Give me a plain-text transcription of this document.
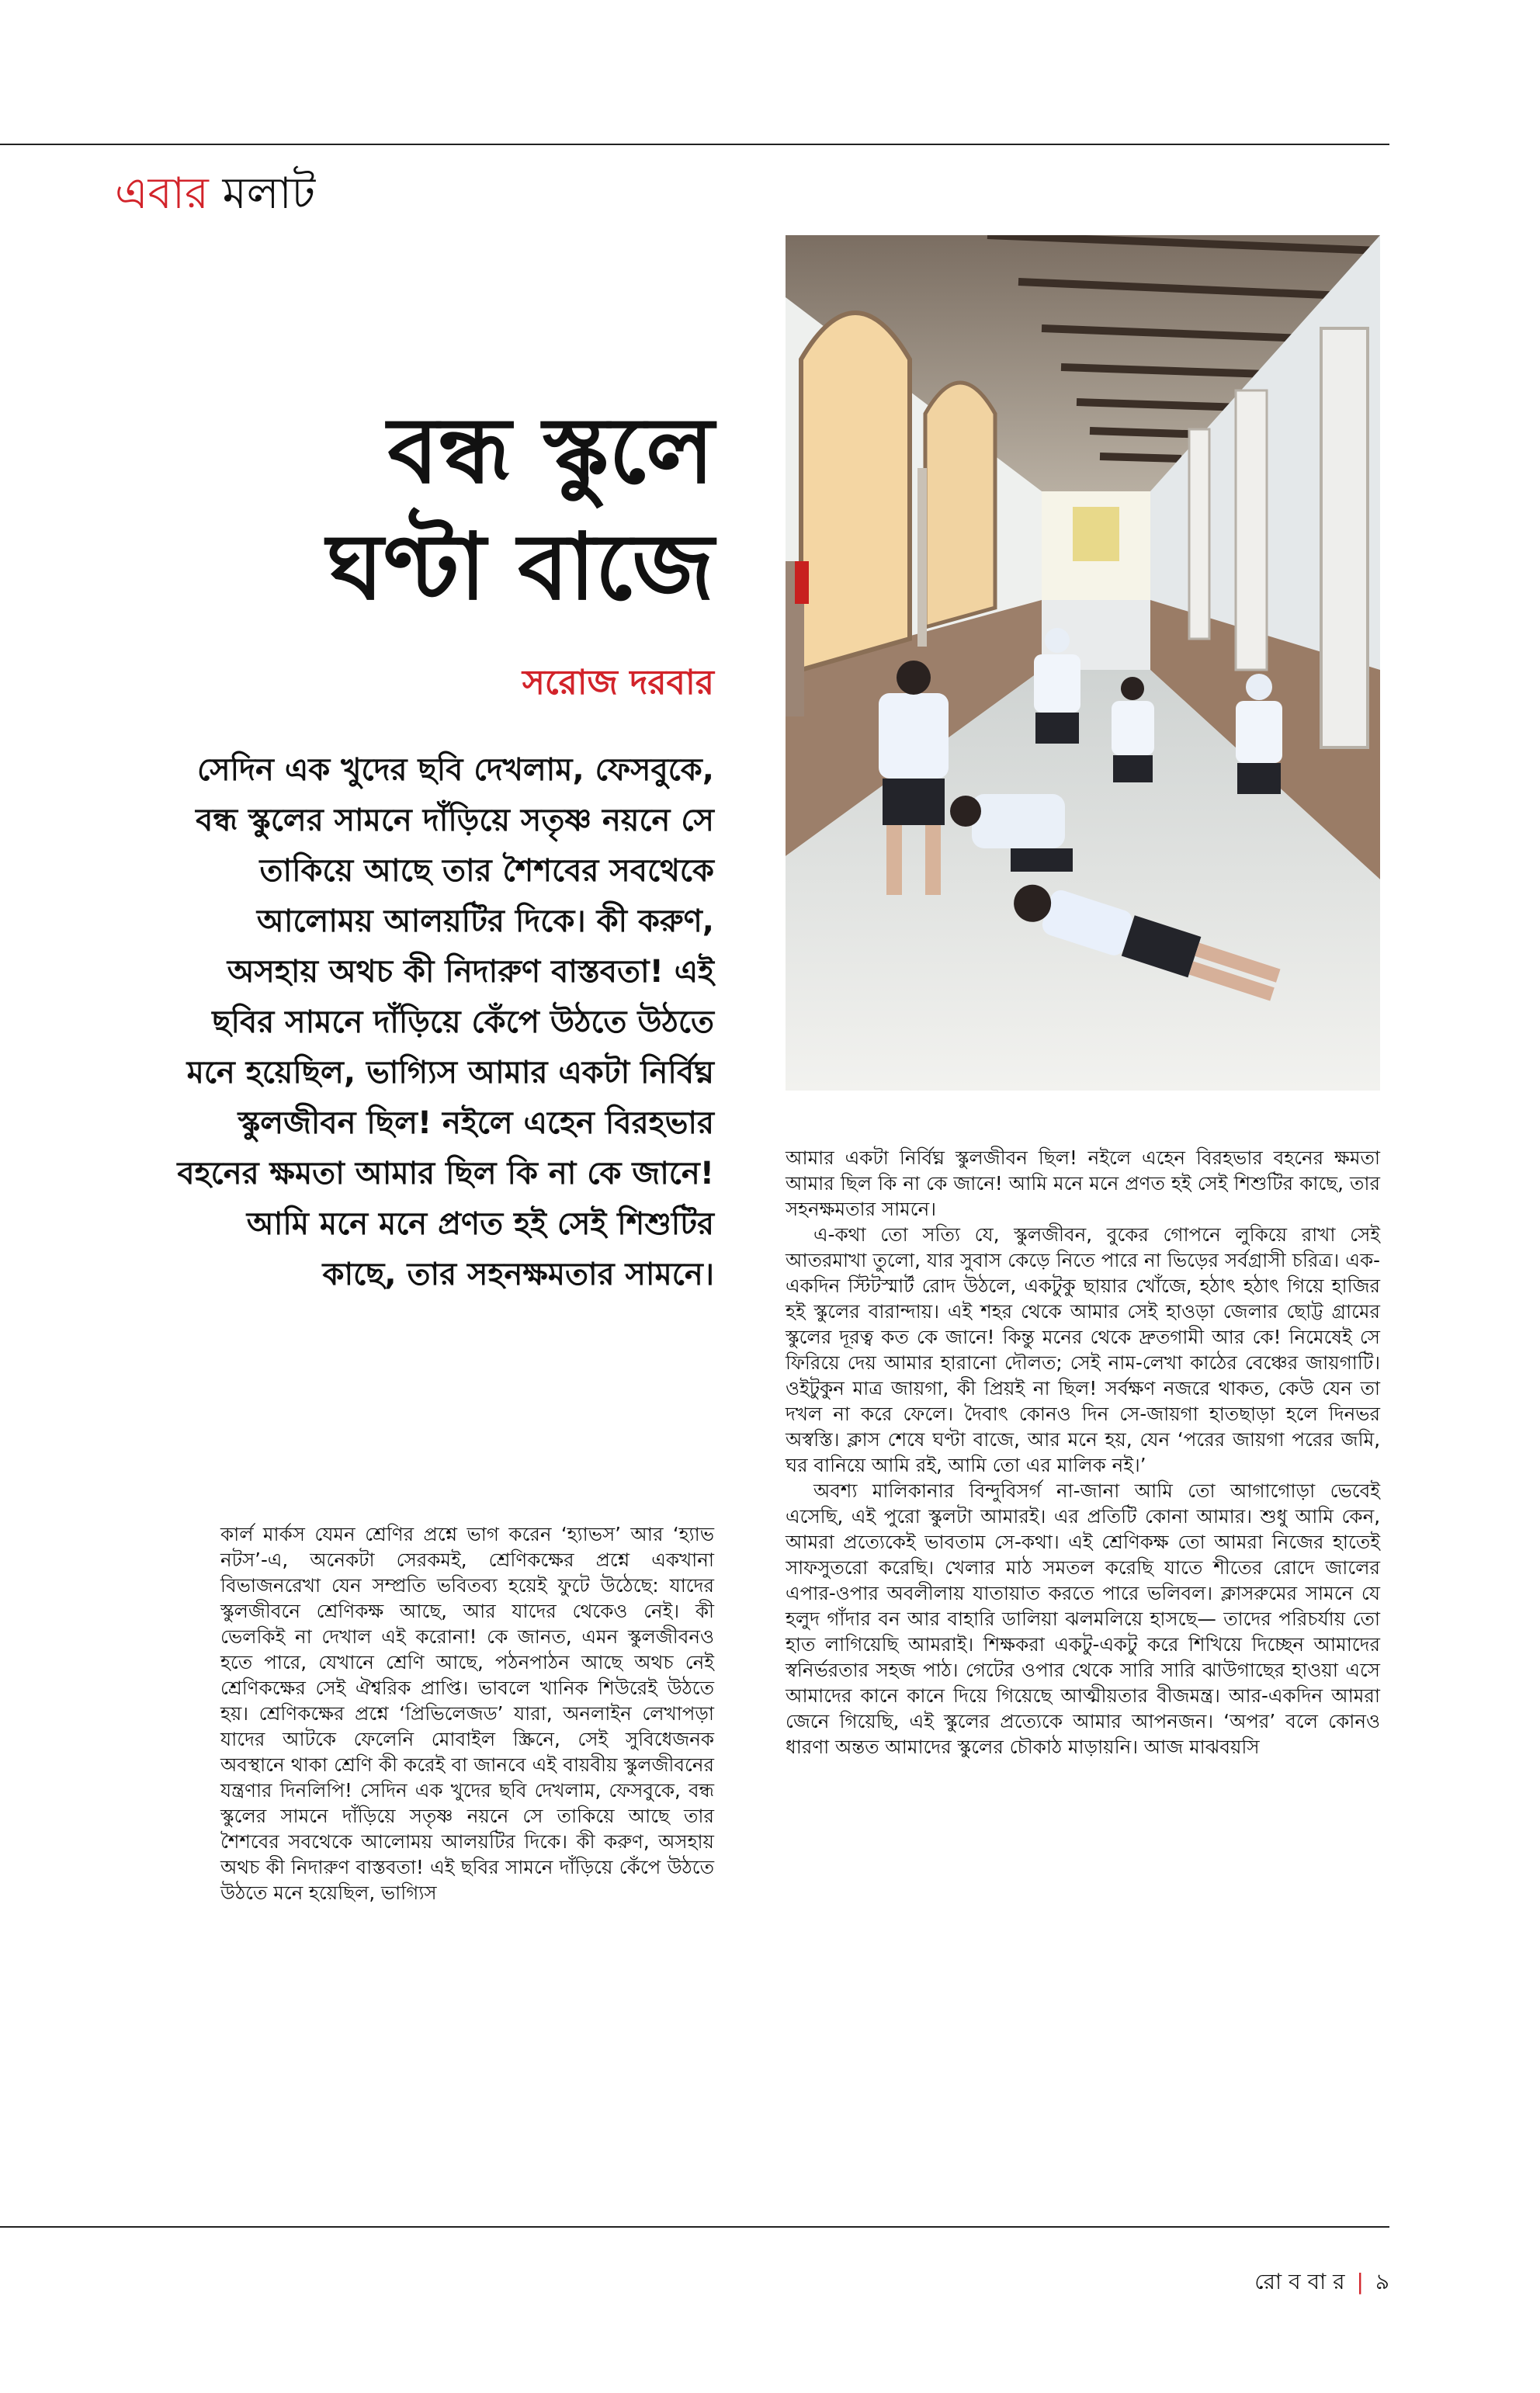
এবার মলাট
বন্ধ স্কুলে
ঘণ্টা বাজে
সরোজ দরবার

সেদিন এক খুদের ছবি দেখলাম, ফেসবুকে, বন্ধ স্কুলের সামনে দাঁড়িয়ে সতৃষ্ণ নয়নে সে তাকিয়ে আছে তার শৈশবের সবথেকে আলোময় আলয়টির দিকে। কী করুণ, অসহায় অথচ কী নিদারুণ বাস্তবতা! এই ছবির সামনে দাঁড়িয়ে কেঁপে উঠতে উঠতে মনে হয়েছিল, ভাগ্যিস আমার একটা নির্বিঘ্ন স্কুলজীবন ছিল! নইলে এহেন বিরহভার বহনের ক্ষমতা আমার ছিল কি না কে জানে! আমি মনে মনে প্রণত হই সেই শিশুটির কাছে, তার সহনক্ষমতার সামনে।

কার্ল মার্কস যেমন শ্রেণির প্রশ্নে ভাগ করেন ‘হ্যাভস’ আর ‘হ্যাভ নটস’-এ, অনেকটা সেরকমই, শ্রেণিকক্ষের প্রশ্নে একখানা বিভাজনরেখা যেন সম্প্রতি ভবিতব্য হয়েই ফুটে উঠেছে: যাদের স্কুলজীবনে শ্রেণিকক্ষ আছে, আর যাদের থেকেও নেই। কী ভেলকিই না দেখাল এই করোনা! কে জানত, এমন স্কুলজীবনও হতে পারে, যেখানে শ্রেণি আছে, পঠনপাঠন আছে অথচ নেই শ্রেণিকক্ষের সেই ঐশ্বরিক প্রাপ্তি। ভাবলে খানিক শিউরেই উঠতে হয়। শ্রেণিকক্ষের প্রশ্নে ‘প্রিভিলেজড’ যারা, অনলাইন লেখাপড়া যাদের আটকে ফেলেনি মোবাইল স্ক্রিনে, সেই সুবিধেজনক অবস্থানে থাকা শ্রেণি কী করেই বা জানবে এই বায়বীয় স্কুলজীবনের যন্ত্রণার দিনলিপি! সেদিন এক খুদের ছবি দেখলাম, ফেসবুকে, বন্ধ স্কুলের সামনে দাঁড়িয়ে সতৃষ্ণ নয়নে সে তাকিয়ে আছে তার শৈশবের সবথেকে আলোময় আলয়টির দিকে। কী করুণ, অসহায় অথচ কী নিদারুণ বাস্তবতা! এই ছবির সামনে দাঁড়িয়ে কেঁপে উঠতে উঠতে মনে হয়েছিল, ভাগ্যিস

আমার একটা নির্বিঘ্ন স্কুলজীবন ছিল! নইলে এহেন বিরহভার বহনের ক্ষমতা আমার ছিল কি না কে জানে! আমি মনে মনে প্রণত হই সেই শিশুটির কাছে, তার সহনক্ষমতার সামনে।

এ-কথা তো সত্যি যে, স্কুলজীবন, বুকের গোপনে লুকিয়ে রাখা সেই আতরমাখা তুলো, যার সুবাস কেড়ে নিতে পারে না ভিড়ের সর্বগ্রাসী চরিত্র। এক-একদিন স্টিটস্মার্ট রোদ উঠলে, একটুকু ছায়ার খোঁজে, হঠাৎ হঠাৎ গিয়ে হাজির হই স্কুলের বারান্দায়। এই শহর থেকে আমার সেই হাওড়া জেলার ছোট্ট গ্রামের স্কুলের দূরত্ব কত কে জানে! কিন্তু মনের থেকে দ্রুতগামী আর কে! নিমেষেই সে ফিরিয়ে দেয় আমার হারানো দৌলত; সেই নাম-লেখা কাঠের বেঞ্চের জায়গাটি। ওইটুকুন মাত্র জায়গা, কী প্রিয়ই না ছিল! সর্বক্ষণ নজরে থাকত, কেউ যেন তা দখল না করে ফেলে। দৈবাৎ কোনও দিন সে-জায়গা হাতছাড়া হলে দিনভর অস্বস্তি। ক্লাস শেষে ঘণ্টা বাজে, আর মনে হয়, যেন ‘পরের জায়গা পরের জমি, ঘর বানিয়ে আমি রই, আমি তো এর মালিক নই।’

অবশ্য মালিকানার বিন্দুবিসর্গ না-জানা আমি তো আগাগোড়া ভেবেই এসেছি, এই পুরো স্কুলটা আমারই। এর প্রতিটি কোনা আমার। শুধু আমি কেন, আমরা প্রত্যেকেই ভাবতাম সে-কথা। এই শ্রেণিকক্ষ তো আমরা নিজের হাতেই সাফসুতরো করেছি। খেলার মাঠ সমতল করেছি যাতে শীতের রোদে জালের এপার-ওপার অবলীলায় যাতায়াত করতে পারে ভলিবল। ক্লাসরুমের সামনে যে হলুদ গাঁদার বন আর বাহারি ডালিয়া ঝলমলিয়ে হাসছে— তাদের পরিচর্যায় তো হাত লাগিয়েছি আমরাই। শিক্ষকরা একটু-একটু করে শিখিয়ে দিচ্ছেন আমাদের স্বনির্ভরতার সহজ পাঠ। গেটের ওপার থেকে সারি সারি ঝাউগাছের হাওয়া এসে আমাদের কানে কানে দিয়ে গিয়েছে আত্মীয়তার বীজমন্ত্র। আর-একদিন আমরা জেনে গিয়েছি, এই স্কুলের প্রত্যেকে আমার আপনজন। ‘অপর’ বলে কোনও ধারণা অন্তত আমাদের স্কুলের চৌকাঠ মাড়ায়নি। আজ মাঝবয়সি

রো ব বা র | ৯
